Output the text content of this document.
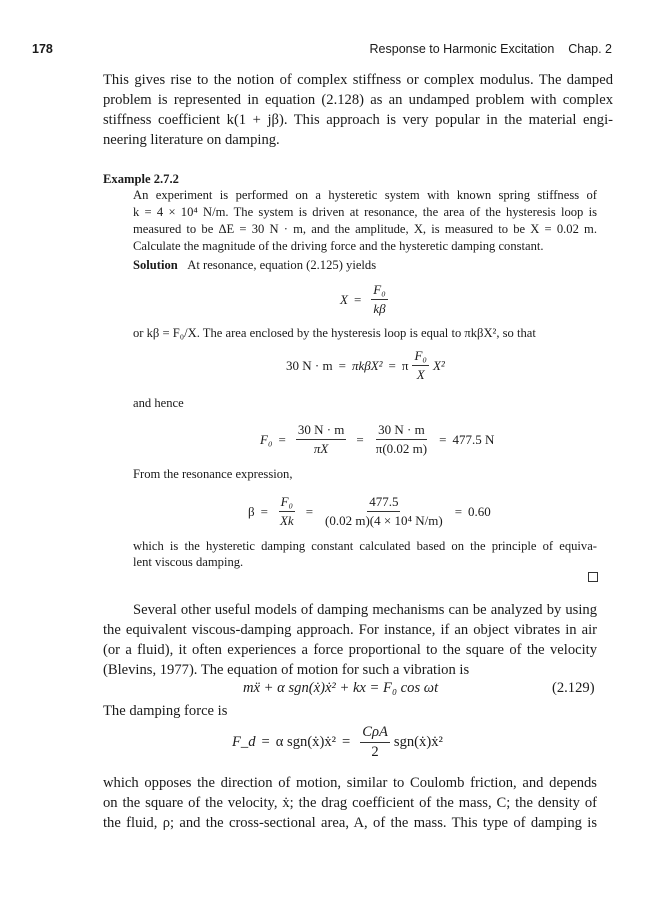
178	Response to Harmonic Excitation    Chap. 2
This gives rise to the notion of complex stiffness or complex modulus. The damped
problem is represented in equation (2.128) as an undamped problem with complex
stiffness coefficient k(1 + jβ). This approach is very popular in the material engi-
neering literature on damping.
Example 2.7.2
An experiment is performed on a hysteretic system with known spring stiffness of
k = 4 × 10⁴ N/m. The system is driven at resonance, the area of the hysteresis loop is
measured to be ΔE = 30 N · m, and the amplitude, X, is measured to be X = 0.02 m.
Calculate the magnitude of the driving force and the hysteretic damping constant.
Solution At resonance, equation (2.125) yields
$X = \frac{\text{F₀}}{k\beta}$
or kβ = F₀/X. The area enclosed by the hysteresis loop is equal to πkβX², so that
30 N · m = πkβX² = π $\frac{\text{F₀}}{X} X^2$
and hence
$F_0 = \frac{30 N \cdot m}{\pi X} = \frac{30 N \cdot m}{\pi(0.02 m)} = 477.5$ N
From the resonance expression,
$\beta = \frac{\text{F₀}}{Xk} = \frac{477.5}{\text{(0.02 m)(4 × 10⁴ N/m)}} = 0.60$
which is the hysteretic damping constant calculated based on the principle of equiva-
lent viscous damping.
Several other useful models of damping mechanisms can be analyzed by using
the equivalent viscous-damping approach. For instance, if an object vibrates in air
(or a fluid), it often experiences a force proportional to the square of the velocity
(Blevins, 1977). The equation of motion for such a vibration is
mẍ + α sgn(ẋ)ẋ² + kx = F₀ cos ωt	(2.129)
The damping force is
F_d = α sgn(ẋ)ẋ² =
CρA
2
sgn(ẋ)ẋ²
which opposes the direction of motion, similar to Coulomb friction, and depends
on the square of the velocity, ẋ; the drag coefficient of the mass, C; the density of
the fluid, ρ; and the cross-sectional area, A, of the mass. This type of damping is
